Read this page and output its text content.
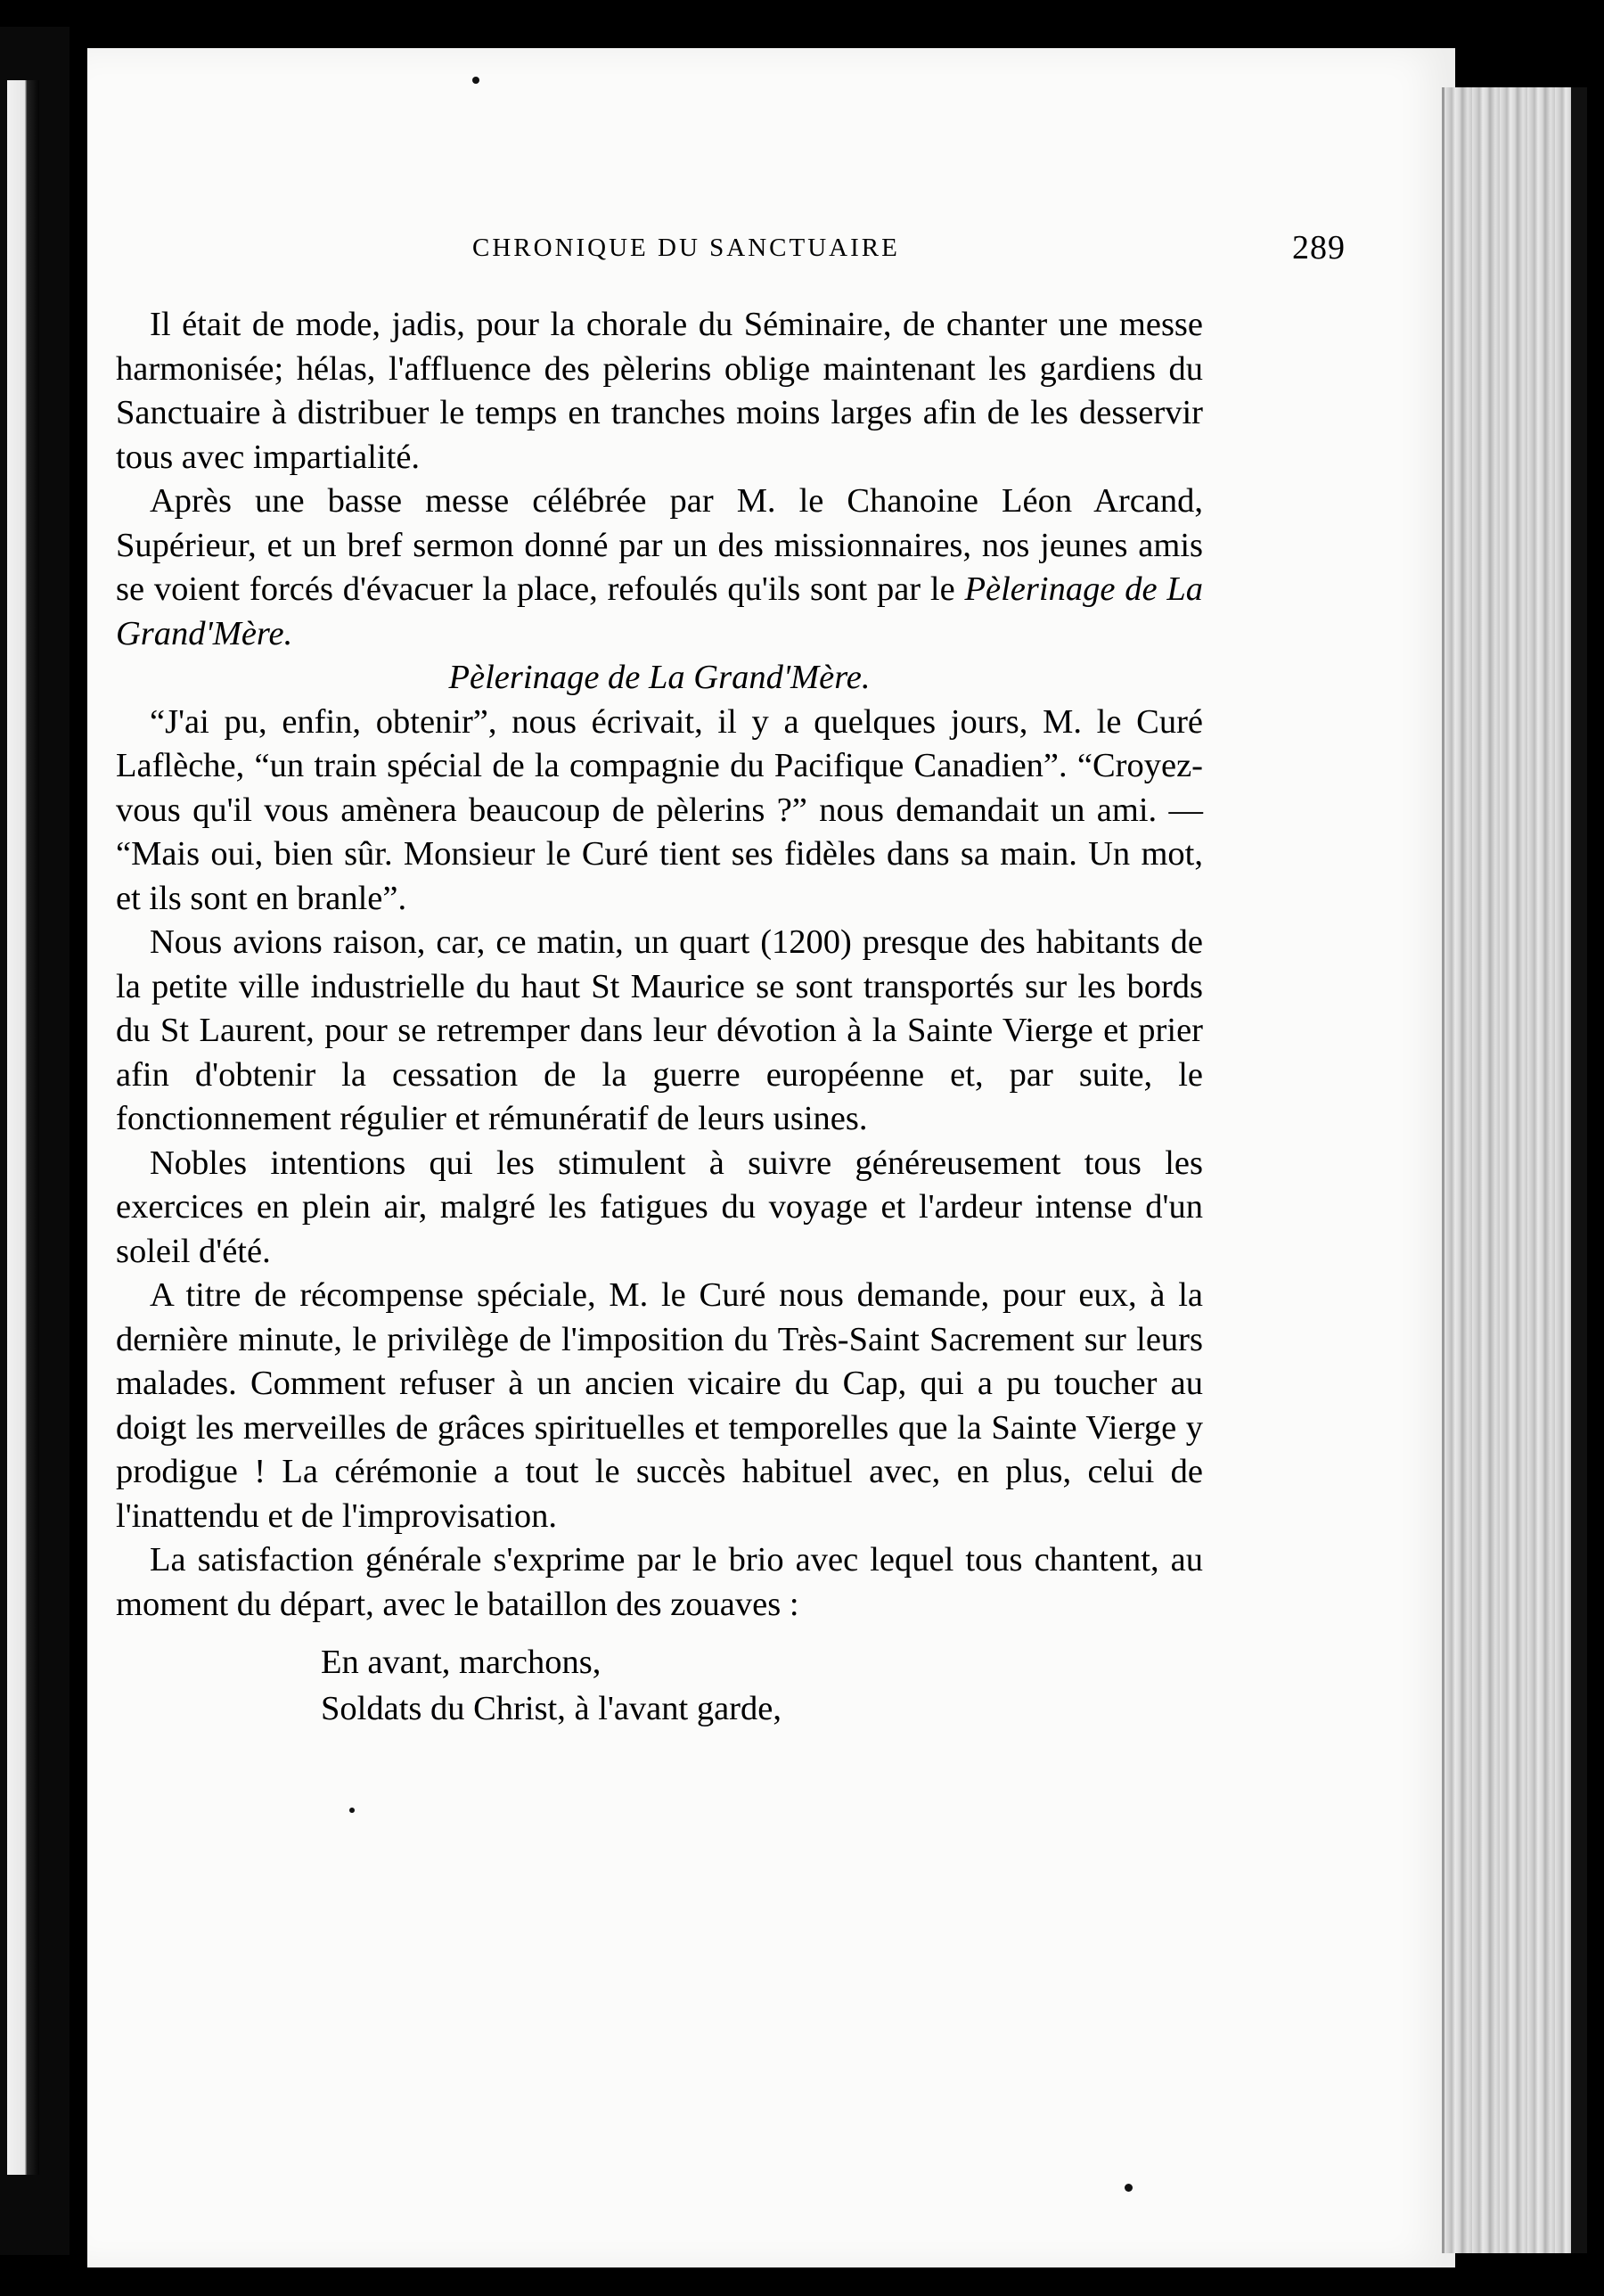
CHRONIQUE DU SANCTUAIRE	289

Il était de mode, jadis, pour la chorale du Séminaire, de chanter une messe harmonisée; hélas, l'affluence des pèlerins oblige maintenant les gardiens du Sanctuaire à distribuer le temps en tranches moins larges afin de les desservir tous avec impartialité.

Après une basse messe célébrée par M. le Chanoine Léon Arcand, Supérieur, et un bref sermon donné par un des missionnaires, nos jeunes amis se voient forcés d'évacuer la place, refoulés qu'ils sont par le Pèlerinage de La Grand'Mère.

Pèlerinage de La Grand'Mère.

“J'ai pu, enfin, obtenir”, nous écrivait, il y a quelques jours, M. le Curé Laflèche, “un train spécial de la compagnie du Pacifique Canadien”. “Croyez-vous qu'il vous amènera beaucoup de pèlerins ?” nous demandait un ami. — “Mais oui, bien sûr. Monsieur le Curé tient ses fidèles dans sa main. Un mot, et ils sont en branle”.

Nous avions raison, car, ce matin, un quart (1200) presque des habitants de la petite ville industrielle du haut St Maurice se sont transportés sur les bords du St Laurent, pour se retremper dans leur dévotion à la Sainte Vierge et prier afin d'obtenir la cessation de la guerre européenne et, par suite, le fonctionnement régulier et rémunératif de leurs usines.

Nobles intentions qui les stimulent à suivre généreusement tous les exercices en plein air, malgré les fatigues du voyage et l'ardeur intense d'un soleil d'été.

A titre de récompense spéciale, M. le Curé nous demande, pour eux, à la dernière minute, le privilège de l'imposition du Très-Saint Sacrement sur leurs malades. Comment refuser à un ancien vicaire du Cap, qui a pu toucher au doigt les merveilles de grâces spirituelles et temporelles que la Sainte Vierge y prodigue ! La cérémonie a tout le succès habituel avec, en plus, celui de l'inattendu et de l'improvisation.

La satisfaction générale s'exprime par le brio avec lequel tous chantent, au moment du départ, avec le bataillon des zouaves :

En avant, marchons,
Soldats du Christ, à l'avant garde,
